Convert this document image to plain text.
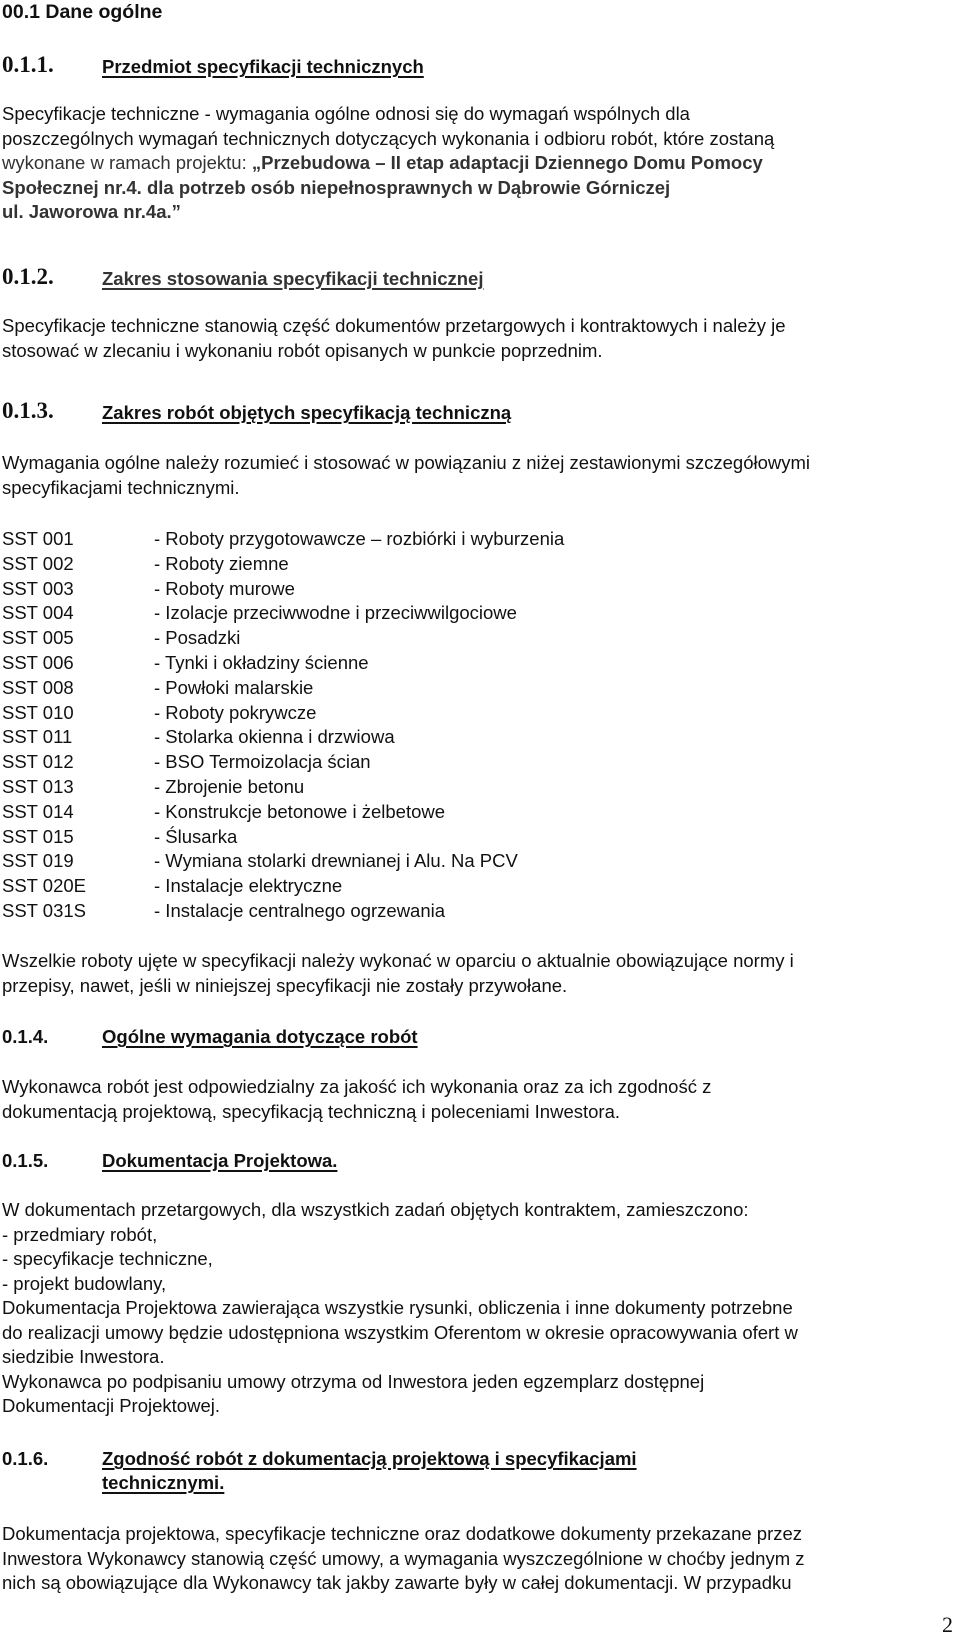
00.1 Dane ogólne
0.1.1.	Przedmiot specyfikacji technicznych
Specyfikacje techniczne - wymagania ogólne odnosi się do wymagań wspólnych dla
poszczególnych wymagań technicznych dotyczących wykonania i odbioru robót, które zostaną
wykonane w ramach projektu: „Przebudowa – II etap adaptacji Dziennego Domu Pomocy
Społecznej nr.4. dla potrzeb osób niepełnosprawnych w Dąbrowie Górniczej
ul. Jaworowa nr.4a.”
0.1.2.	Zakres stosowania specyfikacji technicznej
Specyfikacje techniczne stanowią część dokumentów przetargowych i kontraktowych i należy je
stosować w zlecaniu i wykonaniu robót opisanych w punkcie poprzednim.
0.1.3.	Zakres robót objętych specyfikacją techniczną
Wymagania ogólne należy rozumieć i stosować w powiązaniu z niżej zestawionymi szczegółowymi
specyfikacjami technicznymi.
SST 001	- Roboty przygotowawcze – rozbiórki i wyburzenia
SST 002	- Roboty ziemne
SST 003	- Roboty murowe
SST 004	- Izolacje przeciwwodne i przeciwwilgociowe
SST 005	- Posadzki
SST 006	- Tynki i okładziny ścienne
SST 008	- Powłoki malarskie
SST 010	- Roboty pokrywcze
SST 011	- Stolarka okienna i drzwiowa
SST 012	- BSO Termoizolacja ścian
SST 013	- Zbrojenie betonu
SST 014	- Konstrukcje betonowe i żelbetowe
SST 015	- Ślusarka
SST 019	- Wymiana stolarki drewnianej i Alu. Na PCV
SST 020E	- Instalacje elektryczne
SST 031S	- Instalacje centralnego ogrzewania
Wszelkie roboty ujęte w specyfikacji należy wykonać w oparciu o aktualnie obowiązujące normy i
przepisy, nawet, jeśli w niniejszej specyfikacji nie zostały przywołane.
0.1.4.	Ogólne wymagania dotyczące robót
Wykonawca robót jest odpowiedzialny za jakość ich wykonania oraz za ich zgodność z
dokumentacją projektową, specyfikacją techniczną i poleceniami Inwestora.
0.1.5.	Dokumentacja Projektowa.
W dokumentach przetargowych, dla wszystkich zadań objętych kontraktem, zamieszczono:
- przedmiary robót,
- specyfikacje techniczne,
- projekt budowlany,
Dokumentacja Projektowa zawierająca wszystkie rysunki, obliczenia i inne dokumenty potrzebne
do realizacji umowy będzie udostępniona wszystkim Oferentom w okresie opracowywania ofert w
siedzibie Inwestora.
Wykonawca po podpisaniu umowy otrzyma od Inwestora jeden egzemplarz dostępnej
Dokumentacji Projektowej.
0.1.6.	Zgodność robót z dokumentacją projektową i specyfikacjami
technicznymi.
Dokumentacja projektowa, specyfikacje techniczne oraz dodatkowe dokumenty przekazane przez
Inwestora Wykonawcy stanowią część umowy, a wymagania wyszczególnione w choćby jednym z
nich są obowiązujące dla Wykonawcy tak jakby zawarte były w całej dokumentacji. W przypadku
2
